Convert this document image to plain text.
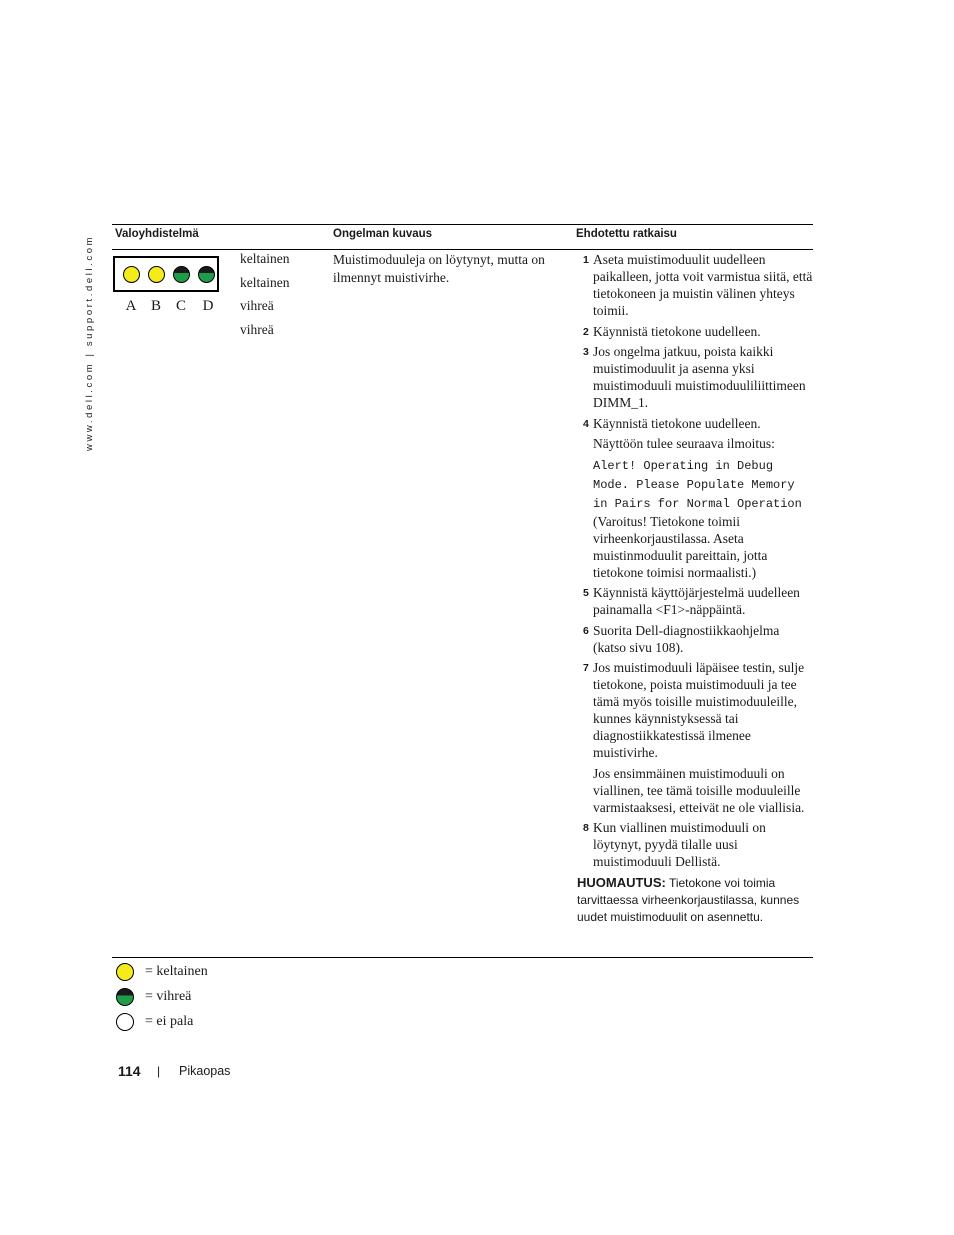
www.dell.com | support.dell.com
Valoyhdistelmä	Ongelman kuvaus	Ehdotettu ratkaisu
A B C D
keltainen
keltainen
vihreä
vihreä
Muistimoduuleja on löytynyt, mutta on ilmennyt muistivirhe.
1 Aseta muistimoduulit uudelleen paikalleen, jotta voit varmistua siitä, että tietokoneen ja muistin välinen yhteys toimii.
2 Käynnistä tietokone uudelleen.
3 Jos ongelma jatkuu, poista kaikki muistimoduulit ja asenna yksi muistimoduuli muistimoduuliliittimeen DIMM_1.
4 Käynnistä tietokone uudelleen.
Näyttöön tulee seuraava ilmoitus:
Alert! Operating in Debug Mode. Please Populate Memory in Pairs for Normal Operation (Varoitus! Tietokone toimii virheenkorjaustilassa. Aseta muistinmoduulit pareittain, jotta tietokone toimisi normaalisti.)
5 Käynnistä käyttöjärjestelmä uudelleen painamalla <F1>-näppäintä.
6 Suorita Dell-diagnostiikkaohjelma (katso sivu 108).
7 Jos muistimoduuli läpäisee testin, sulje tietokone, poista muistimoduuli ja tee tämä myös toisille muistimoduuleille, kunnes käynnistyksessä tai diagnostiikkatestissä ilmenee muistivirhe.
Jos ensimmäinen muistimoduuli on viallinen, tee tämä toisille moduuleille varmistaaksesi, etteivät ne ole viallisia.
8 Kun viallinen muistimoduuli on löytynyt, pyydä tilalle uusi muistimoduuli Dellistä.
HUOMAUTUS: Tietokone voi toimia tarvittaessa virheenkorjaustilassa, kunnes uudet muistimoduulit on asennettu.
= keltainen
= vihreä
= ei pala
114 | Pikaopas
